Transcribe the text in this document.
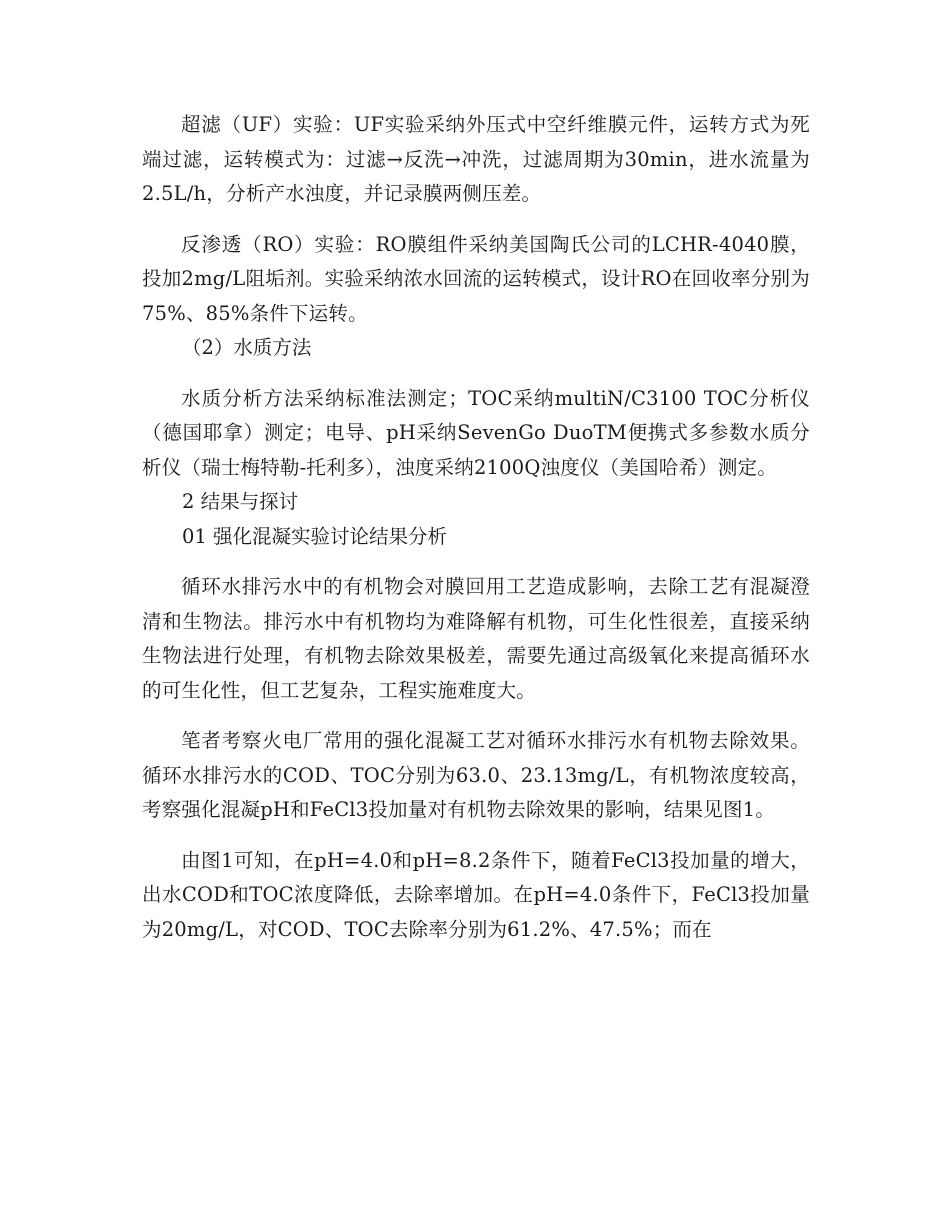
超滤（UF）实验：UF实验采纳外压式中空纤维膜元件，运转方式为死端过滤，运转模式为：过滤→反洗→冲洗，过滤周期为30min，进水流量为2.5L/h，分析产水浊度，并记录膜两侧压差。

反渗透（RO）实验：RO膜组件采纳美国陶氏公司的LCHR-4040膜，投加2mg/L阻垢剂。实验采纳浓水回流的运转模式，设计RO在回收率分别为75%、85%条件下运转。

（2）水质方法

水质分析方法采纳标准法测定；TOC采纳multiN/C3100 TOC分析仪（德国耶拿）测定；电导、pH采纳SevenGo DuoTM便携式多参数水质分析仪（瑞士梅特勒-托利多），浊度采纳2100Q浊度仪（美国哈希）测定。

2 结果与探讨

01 强化混凝实验讨论结果分析

循环水排污水中的有机物会对膜回用工艺造成影响，去除工艺有混凝澄清和生物法。排污水中有机物均为难降解有机物，可生化性很差，直接采纳生物法进行处理，有机物去除效果极差，需要先通过高级氧化来提高循环水的可生化性，但工艺复杂，工程实施难度大。

笔者考察火电厂常用的强化混凝工艺对循环水排污水有机物去除效果。循环水排污水的COD、TOC分别为63.0、23.13mg/L，有机物浓度较高，考察强化混凝pH和FeCl3投加量对有机物去除效果的影响，结果见图1。

由图1可知，在pH=4.0和pH=8.2条件下，随着FeCl3投加量的增大，出水COD和TOC浓度降低，去除率增加。在pH=4.0条件下，FeCl3投加量为20mg/L，对COD、TOC去除率分别为61.2%、47.5%；而在
